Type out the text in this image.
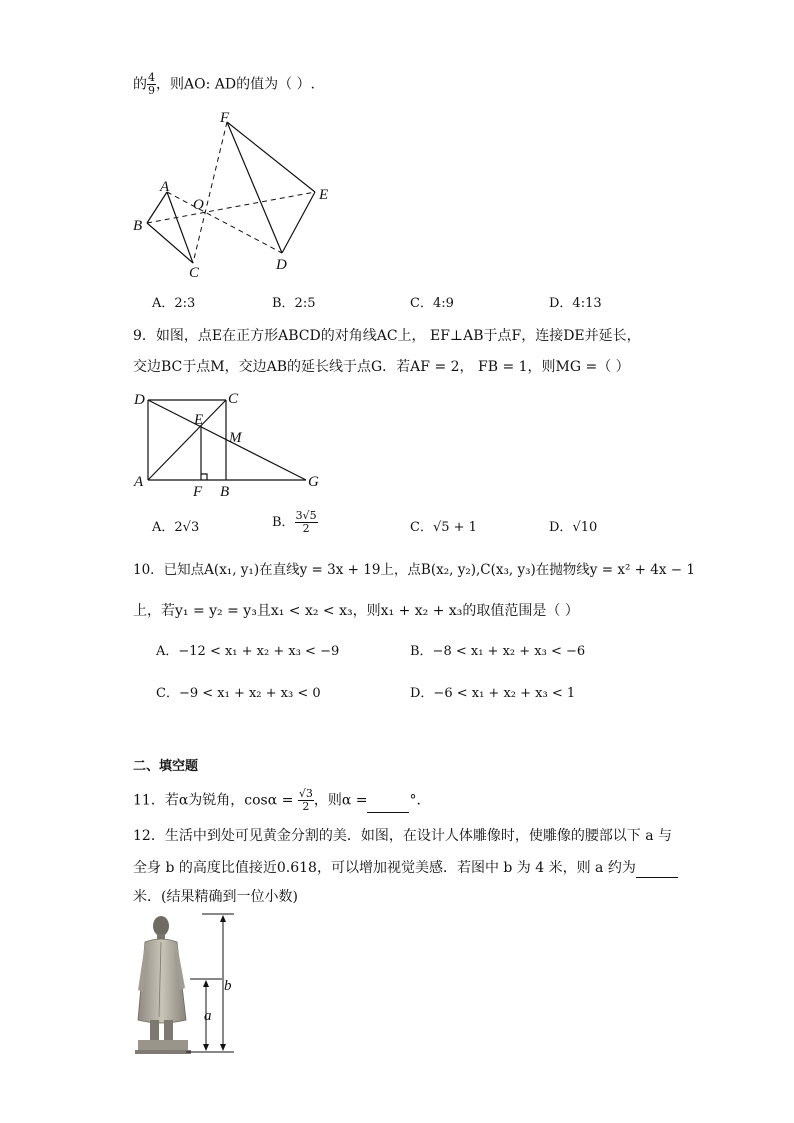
的 $\frac{4}{9}$ ，则AO: AD的值为（ ）.
F
A
O
E
B
C	D
A．2:3	B．2:5	C．4:9	D．4:13
9．如图，点E在正方形ABCD的对角线AC上， EF⊥AB于点F，连接DE并延长，
交边BC于点M，交边AB的延长线于点G．若AF = 2， FB = 1，则MG =（ ）
D	C
E
M
A
F B
G
A．2√3	B． $\frac{3√5}{2}$	C．√5 + 1	D．√10
10．已知点A(x₁, y₁)在直线y = 3x + 19上，点B(x₂, y₂),C(x₃, y₃)在抛物线y = x² + 4x − 1
上，若y₁ = y₂ = y₃且x₁ < x₂ < x₃，则x₁ + x₂ + x₃的取值范围是（ ）
A．−12 < x₁ + x₂ + x₃ < −9	B．−8 < x₁ + x₂ + x₃ < −6
C．−9 < x₁ + x₂ + x₃ < 0	D．−6 < x₁ + x₂ + x₃ < 1
二、填空题
11．若α为锐角，$\cos\alpha = \frac{√3}{2}$ ，则α =	°．
12．生活中到处可见黄金分割的美．如图，在设计人体雕像时，使雕像的腰部以下 a 与
全身 b 的高度比值接近0.618，可以增加视觉美感．若图中 b 为 4 米，则 a 约为
米．(结果精确到一位小数)
b
a
